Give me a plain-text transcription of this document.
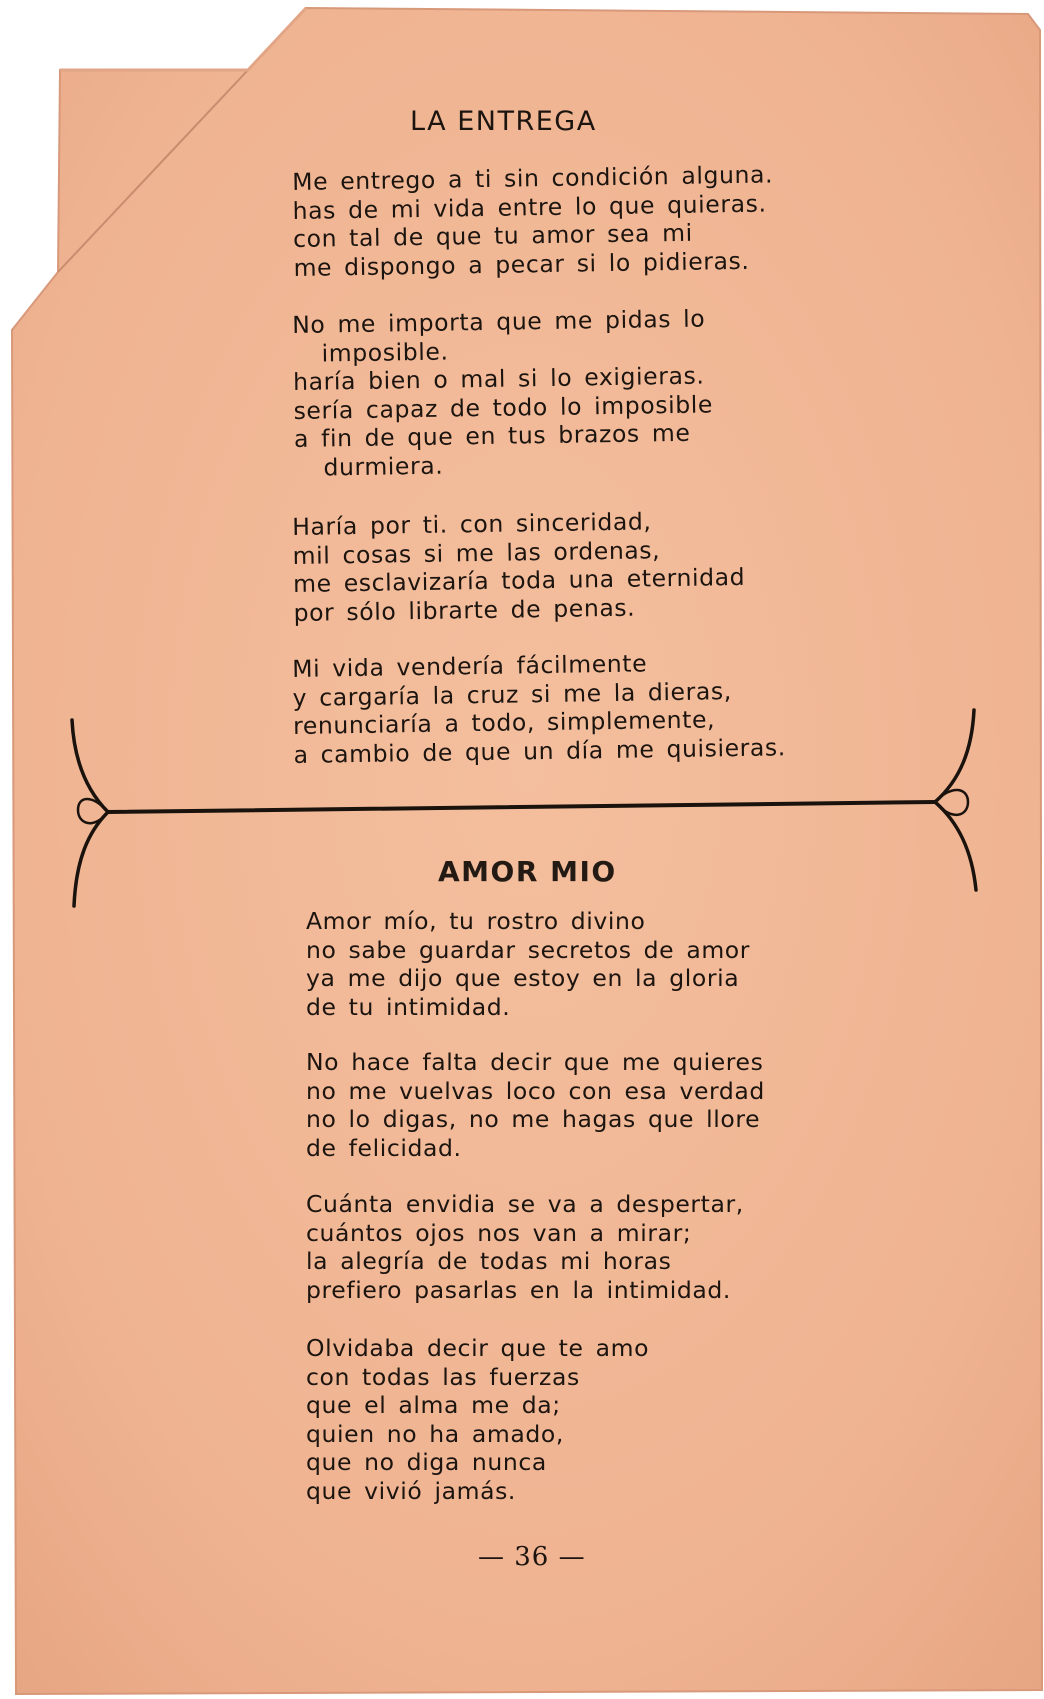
LA ENTREGA
Me entrego a ti sin condición alguna.
has de mi vida entre lo que quieras.
con tal de que tu amor sea mi
me dispongo a pecar si lo pidieras.
No me importa que me pidas lo
imposible.
haría bien o mal si lo exigieras.
sería capaz de todo lo imposible
a fin de que en tus brazos me
durmiera.
Haría por ti. con sinceridad,
mil cosas si me las ordenas,
me esclavizaría toda una eternidad
por sólo librarte de penas.
Mi vida vendería fácilmente
y cargaría la cruz si me la dieras,
renunciaría a todo, simplemente,
a cambio de que un día me quisieras.
AMOR MIO
Amor mío, tu rostro divino
no sabe guardar secretos de amor
ya me dijo que estoy en la gloria
de tu intimidad.
No hace falta decir que me quieres
no me vuelvas loco con esa verdad
no lo digas, no me hagas que llore
de felicidad.
Cuánta envidia se va a despertar,
cuántos ojos nos van a mirar;
la alegría de todas mi horas
prefiero pasarlas en la intimidad.
Olvidaba decir que te amo
con todas las fuerzas
que el alma me da;
quien no ha amado,
que no diga nunca
que vivió jamás.
— 36 —
